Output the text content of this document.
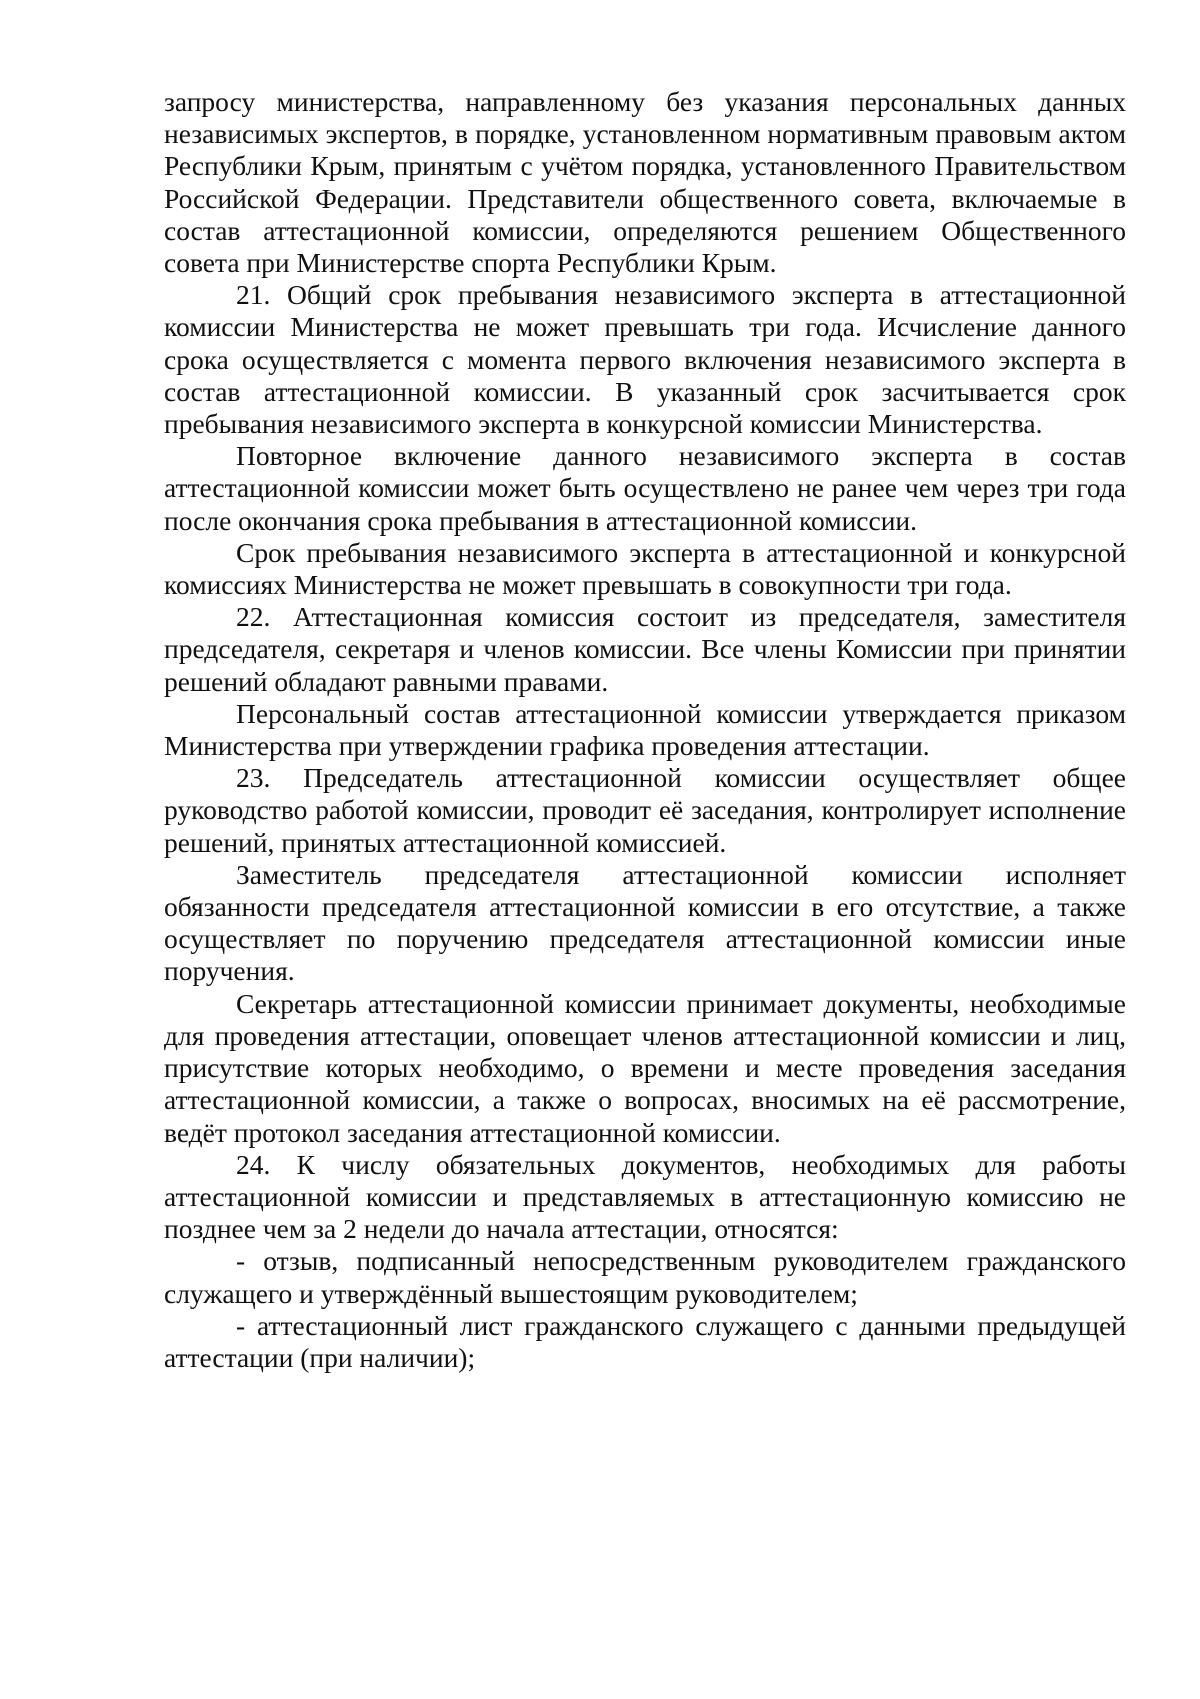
запросу министерства, направленному без указания персональных данных независимых экспертов, в порядке, установленном нормативным правовым актом Республики Крым, принятым с учётом порядка, установленного Правительством Российской Федерации. Представители общественного совета, включаемые в состав аттестационной комиссии, определяются решением Общественного совета при Министерстве спорта Республики Крым.

21. Общий срок пребывания независимого эксперта в аттестационной комиссии Министерства не может превышать три года. Исчисление данного срока осуществляется с момента первого включения независимого эксперта в состав аттестационной комиссии. В указанный срок засчитывается срок пребывания независимого эксперта в конкурсной комиссии Министерства.

Повторное включение данного независимого эксперта в состав аттестационной комиссии может быть осуществлено не ранее чем через три года после окончания срока пребывания в аттестационной комиссии.

Срок пребывания независимого эксперта в аттестационной и конкурсной комиссиях Министерства не может превышать в совокупности три года.

22. Аттестационная комиссия состоит из председателя, заместителя председателя, секретаря и членов комиссии. Все члены Комиссии при принятии решений обладают равными правами.

Персональный состав аттестационной комиссии утверждается приказом Министерства при утверждении графика проведения аттестации.

23. Председатель аттестационной комиссии осуществляет общее руководство работой комиссии, проводит её заседания, контролирует исполнение решений, принятых аттестационной комиссией.

Заместитель председателя аттестационной комиссии исполняет обязанности председателя аттестационной комиссии в его отсутствие, а также осуществляет по поручению председателя аттестационной комиссии иные поручения.

Секретарь аттестационной комиссии принимает документы, необходимые для проведения аттестации, оповещает членов аттестационной комиссии и лиц, присутствие которых необходимо, о времени и месте проведения заседания аттестационной комиссии, а также о вопросах, вносимых на её рассмотрение, ведёт протокол заседания аттестационной комиссии.

24. К числу обязательных документов, необходимых для работы аттестационной комиссии и представляемых в аттестационную комиссию не позднее чем за 2 недели до начала аттестации, относятся:

- отзыв, подписанный непосредственным руководителем гражданского служащего и утверждённый вышестоящим руководителем;

- аттестационный лист гражданского служащего с данными предыдущей аттестации (при наличии);
